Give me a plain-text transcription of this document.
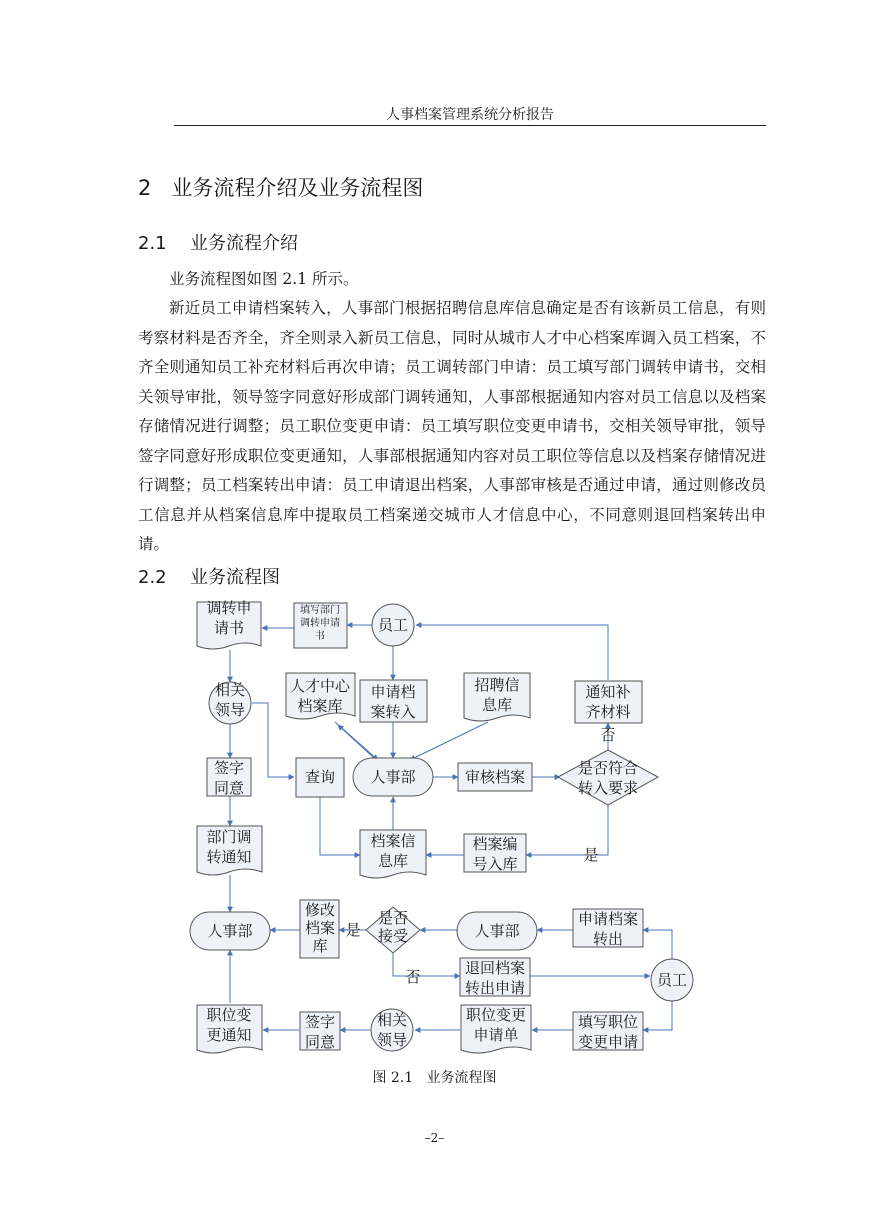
人事档案管理系统分析报告
2   业务流程介绍及业务流程图
2.1 业务流程介绍
业务流程图如图 2.1 所示。
新近员工申请档案转入，人事部门根据招聘信息库信息确定是否有该新员工信息，有则考察材料是否齐全，齐全则录入新员工信息，同时从城市人才中心档案库调入员工档案，不齐全则通知员工补充材料后再次申请；员工调转部门申请：员工填写部门调转申请书，交相关领导审批，领导签字同意好形成部门调转通知，人事部根据通知内容对员工信息以及档案存储情况进行调整；员工职位变更申请：员工填写职位变更申请书，交相关领导审批，领导签字同意好形成职位变更通知，人事部根据通知内容对员工职位等信息以及档案存储情况进行调整；员工档案转出申请：员工申请退出档案，人事部审核是否通过申请，通过则修改员工信息并从档案信息库中提取员工档案递交城市人才信息中心，不同意则退回档案转出申请。
2.2 业务流程图
调转申请书
填写部门调转申请书
员工
相关领导
人才中心档案库
申请档案转入
招聘信息库
通知补齐材料
签字同意
查询 人事部	审核档案	是否符合转入要求
部门调转通知
档案信息库
档案编号入库
人事部
修改档案库
是否接受	人事部
申请档案转出
退回档案转出申请	员工
职位变更通知
签字同意
相关领导
职位变更申请单
填写职位变更申请
否
是
是
否
图 2.1   业务流程图
–2–
